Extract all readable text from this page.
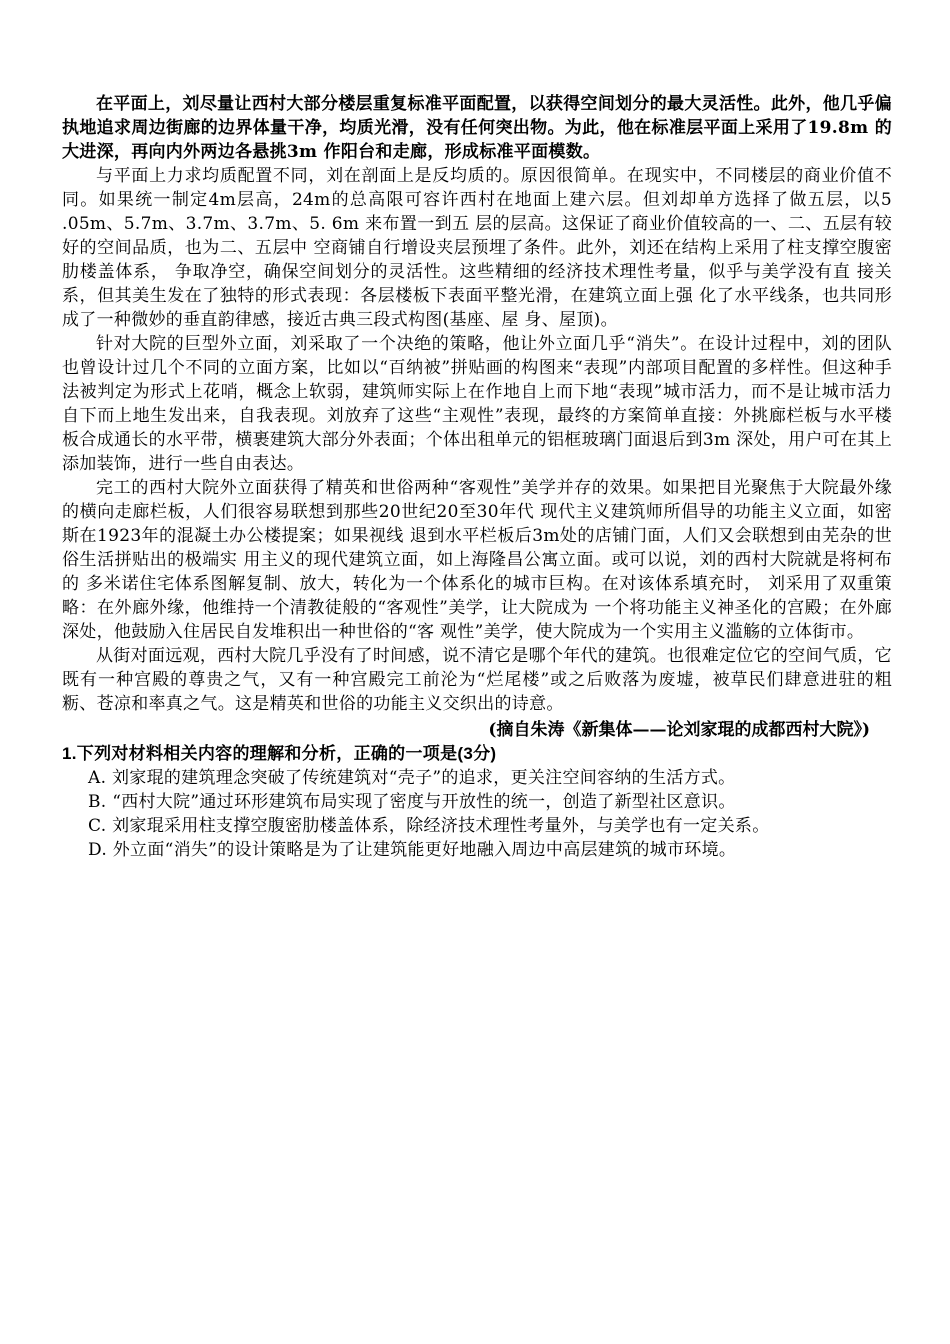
在平面上，刘尽量让西村大部分楼层重复标准平面配置，以获得空间划分的最大灵活性。此外，他几乎偏执地追求周边街廊的边界体量干净，均质光滑，没有任何突出物。为此，他在标准层平面上采用了19.8m 的大进深，再向内外两边各悬挑3m 作阳台和走廊，形成标准平面模数。

与平面上力求均质配置不同，刘在剖面上是反均质的。原因很简单。在现实中，不同楼层的商业价值不同。如果统一制定4m层高，24m的总高限可容许西村在地面上建六层。但刘却单方选择了做五层，以5 .05m、5.7m、3.7m、3.7m、5. 6m 来布置一到五 层的层高。这保证了商业价值较高的一、二、五层有较好的空间品质，也为二、五层中 空商铺自行增设夹层预埋了条件。此外，刘还在结构上采用了柱支撑空腹密肋楼盖体系， 争取净空，确保空间划分的灵活性。这些精细的经济技术理性考量，似乎与美学没有直 接关系，但其美生发在了独特的形式表现：各层楼板下表面平整光滑，在建筑立面上强 化了水平线条，也共同形成了一种微妙的垂直韵律感，接近古典三段式构图(基座、屋 身、屋顶)。

针对大院的巨型外立面，刘采取了一个决绝的策略，他让外立面几乎“消失”。在设计过程中，刘的团队也曾设计过几个不同的立面方案，比如以“百纳被”拼贴画的构图来“表现”内部项目配置的多样性。但这种手法被判定为形式上花哨，概念上软弱，建筑师实际上在作地自上而下地“表现”城市活力，而不是让城市活力自下而上地生发出来，自我表现。刘放弃了这些“主观性”表现，最终的方案简单直接：外挑廊栏板与水平楼板合成通长的水平带，横裹建筑大部分外表面；个体出租单元的铝框玻璃门面退后到3m 深处，用户可在其上添加装饰，进行一些自由表达。

完工的西村大院外立面获得了精英和世俗两种“客观性”美学并存的效果。如果把目光聚焦于大院最外缘的横向走廊栏板，人们很容易联想到那些20世纪20至30年代 现代主义建筑师所倡导的功能主义立面，如密斯在1923年的混凝土办公楼提案；如果视线 退到水平栏板后3m处的店铺门面，人们又会联想到由芜杂的世俗生活拼贴出的极端实 用主义的现代建筑立面，如上海隆昌公寓立面。或可以说，刘的西村大院就是将柯布的 多米诺住宅体系图解复制、放大，转化为一个体系化的城市巨构。在对该体系填充时， 刘采用了双重策略：在外廊外缘，他维持一个清教徒般的“客观性”美学，让大院成为 一个将功能主义神圣化的宫殿；在外廊深处，他鼓励入住居民自发堆积出一种世俗的“客 观性”美学，使大院成为一个实用主义滥觞的立体街市。

从街对面远观，西村大院几乎没有了时间感，说不清它是哪个年代的建筑。也很难定位它的空间气质，它既有一种宫殿的尊贵之气，又有一种宫殿完工前沦为“烂尾楼”或之后败落为废墟，被草民们肆意进驻的粗粝、苍凉和率真之气。这是精英和世俗的功能主义交织出的诗意。

(摘自朱涛《新集体——论刘家琨的成都西村大院》)

1.下列对材料相关内容的理解和分析，正确的一项是(3分)

A. 刘家琨的建筑理念突破了传统建筑对“壳子”的追求，更关注空间容纳的生活方式。
B. “西村大院”通过环形建筑布局实现了密度与开放性的统一，创造了新型社区意识。
C. 刘家琨采用柱支撑空腹密肋楼盖体系，除经济技术理性考量外，与美学也有一定关系。
D. 外立面“消失”的设计策略是为了让建筑能更好地融入周边中高层建筑的城市环境。
